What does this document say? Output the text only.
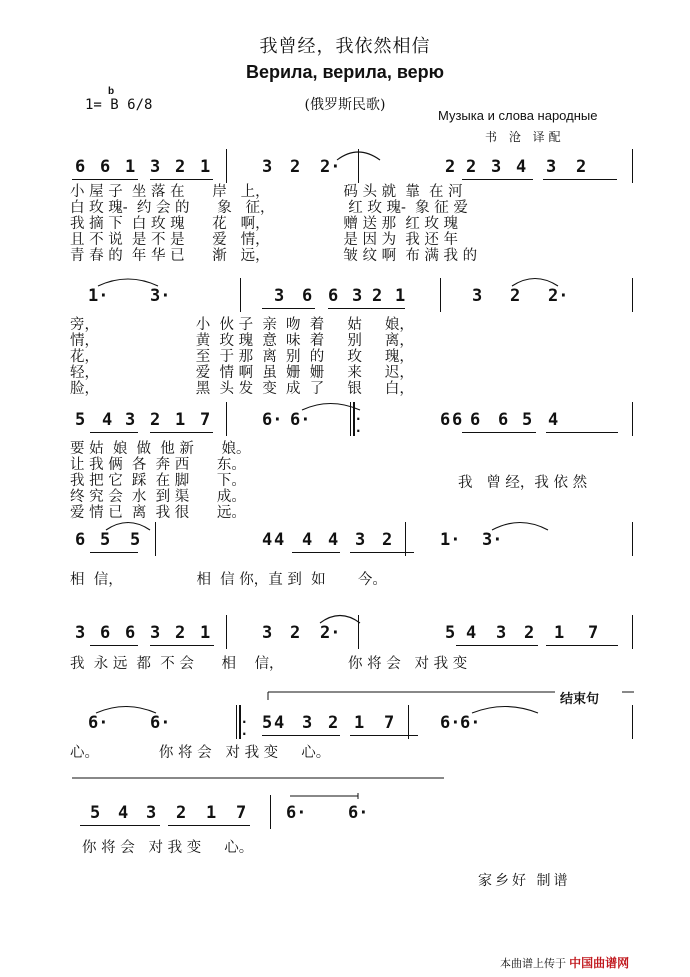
我曾经，我依然相信
Верила, верила, верю
(俄罗斯民歌)
b
1= B 6/8
Музыка и слова народные
书 沧 译配
6 6 1 3 2 1	3 2 2·	2 2 3 4 3 2
小 屋 子  坐 落 在      岸   上，                码 头 就  靠  在 河
白 玫 瑰-  约 会 的      象   征，                红 玫 瑰-  象 征 爱
我 摘 下  白 玫 瑰      花   啊，                赠 送 那  红 玫 瑰
且 不 说  是 不 是      爱   情，                是 因 为  我 还 年
青 春 的  年 华 已      渐   远，                皱 纹 啊  布 满 我 的
1· 3·	3 6 6 3 2 1	3 2 2·
旁，                     小  伙 子  亲  吻  着     姑     娘，
情，                     黄  玫 瑰  意  味  着     别     离，
花，                     至  于 那  离  别  的     玫     瑰，
轻，                     爱  情 啊  虽  姗  姗     来     迟，
脸，                     黑  头 发  变  成  了     银     白，
5 4 3 2 1 7	6· 6·	·
·
6 6 6 6 5 4
要 姑  娘  做  他 新      娘。
让 我 俩  各  奔 西      东。
我 把 它  踩  在 脚      下。
终 究 会  水  到 渠      成。
爱 情 已  离  我 很      远。
我   曾 经，我 依 然
6 5 5	4 4 4 4 3 2	1· 3·
相  信，                相  信 你，直 到  如       今。
3 6 6 3 2 1	3 2 2·	5 4 3 2 1 7
我  永 远  都  不 会      相    信，              你 将 会   对 我 变
6· 6·	·
·
5 4 3 2 1 7	6· 6·
心。             你 将 会   对 我 变     心。
5 4 3 2 1 7 6· 6·
你 将 会   对 我 变     心。
结束句
家乡好 制谱
本曲谱上传于 中国曲谱网
